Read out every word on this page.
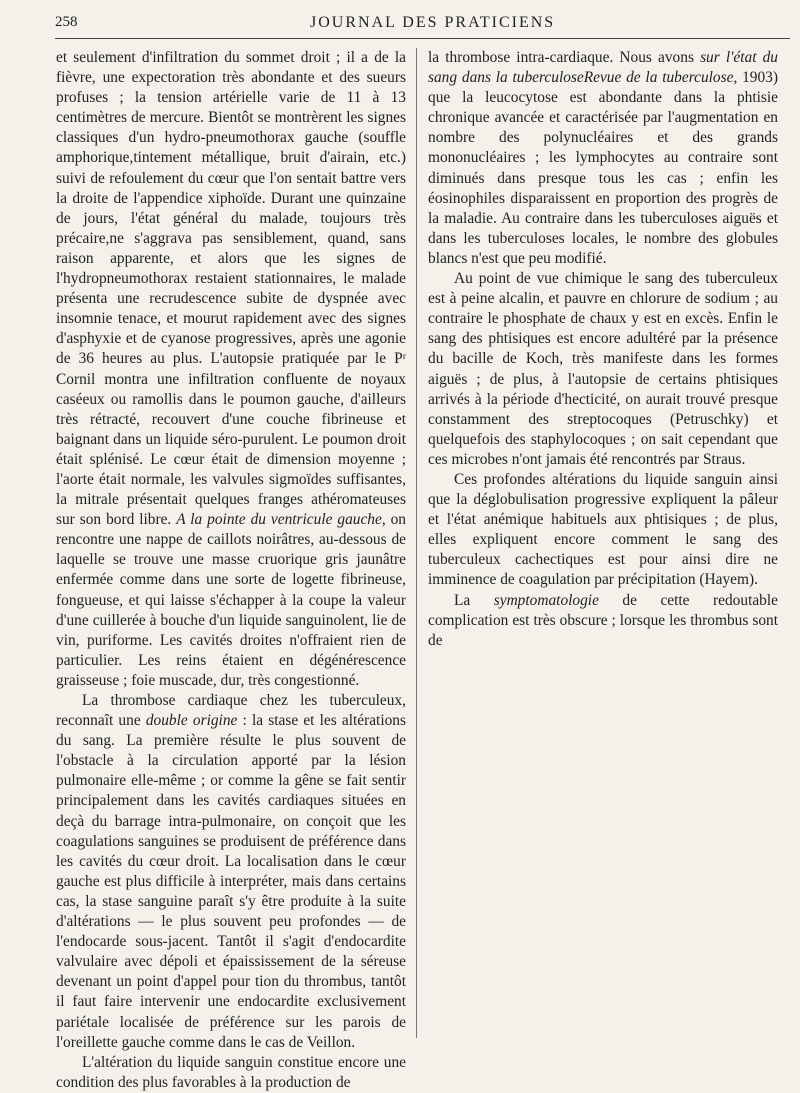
258	JOURNAL DES PRATICIENS

et seulement d'infiltration du sommet droit ; il a de la fièvre, une expectoration très abondante et des sueurs profuses ; la tension artérielle varie de 11 à 13 centimètres de mercure. Bientôt se montrèrent les signes classiques d'un hydro-pneumothorax gauche (souffle amphorique,tintement métallique, bruit d'airain, etc.) suivi de refoulement du cœur que l'on sentait battre vers la droite de l'appendice xiphoïde. Durant une quinzaine de jours, l'état général du malade, toujours très précaire,ne s'aggrava pas sensiblement, quand, sans raison apparente, et alors que les signes de l'hydropneumothorax restaient stationnaires, le malade présenta une recrudescence subite de dyspnée avec insomnie tenace, et mourut rapidement avec des signes d'asphyxie et de cyanose progressives, après une agonie de 36 heures au plus. L'autopsie pratiquée par le Pʳ Cornil montra une infiltration confluente de noyaux caséeux ou ramollis dans le poumon gauche, d'ailleurs très rétracté, recouvert d'une couche fibrineuse et baignant dans un liquide séro-purulent. Le poumon droit était splénisé. Le cœur était de dimension moyenne ; l'aorte était normale, les valvules sigmoïdes suffisantes, la mitrale présentait quelques franges athéromateuses sur son bord libre. A la pointe du ventricule gauche, on rencontre une nappe de caillots noirâtres, au-dessous de laquelle se trouve une masse cruorique gris jaunâtre enfermée comme dans une sorte de logette fibrineuse, fongueuse, et qui laisse s'échapper à la coupe la valeur d'une cuillerée à bouche d'un liquide sanguinolent, lie de vin, puriforme. Les cavités droites n'offraient rien de particulier. Les reins étaient en dégénérescence graisseuse ; foie muscade, dur, très congestionné.

La thrombose cardiaque chez les tuberculeux, reconnaît une double origine : la stase et les altérations du sang. La première résulte le plus souvent de l'obstacle à la circulation apporté par la lésion pulmonaire elle-même ; or comme la gêne se fait sentir principalement dans les cavités cardiaques situées en deçà du barrage intra-pulmonaire, on conçoit que les coagulations sanguines se produisent de préférence dans les cavités du cœur droit. La localisation dans le cœur gauche est plus difficile à interpréter, mais dans certains cas, la stase sanguine paraît s'y être produite à la suite d'altérations — le plus souvent peu profondes — de l'endocarde sous-jacent. Tantôt il s'agit d'endocardite valvulaire avec dépoli et épaississement de la séreuse devenant un point d'appel pour tion du thrombus, tantôt il faut faire intervenir une endocardite exclusivement pariétale localisée de préférence sur les parois de l'oreillette gauche comme dans le cas de Veillon.

L'altération du liquide sanguin constitue encore une condition des plus favorables à la production de

la thrombose intra-cardiaque. Nous avons sur l'état du sang dans la tuberculoseRevue de la tuberculose, 1903) que la leucocytose est abondante dans la phtisie chronique avancée et caractérisée par l'augmentation en nombre des polynucléaires et des grands mononucléaires ; les lymphocytes au contraire sont diminués dans presque tous les cas ; enfin les éosinophiles disparaissent en proportion des progrès de la maladie. Au contraire dans les tuberculoses aiguës et dans les tuberculoses locales, le nombre des globules blancs n'est que peu modifié.

Au point de vue chimique le sang des tuberculeux est à peine alcalin, et pauvre en chlorure de sodium ; au contraire le phosphate de chaux y est en excès. Enfin le sang des phtisiques est encore adultéré par la présence du bacille de Koch, très manifeste dans les formes aiguës ; de plus, à l'autopsie de certains phtisiques arrivés à la période d'hecticité, on aurait trouvé presque constamment des streptocoques (Petruschky) et quelquefois des staphylocoques ; on sait cependant que ces microbes n'ont jamais été rencontrés par Straus.

Ces profondes altérations du liquide sanguin ainsi que la déglobulisation progressive expliquent la pâleur et l'état anémique habituels aux phtisiques ; de plus, elles expliquent encore comment le sang des tuberculeux cachectiques est pour ainsi dire ne imminence de coagulation par précipitation (Hayem).

La symptomatologie de cette redoutable complication est très obscure ; lorsque les thrombus sont de
